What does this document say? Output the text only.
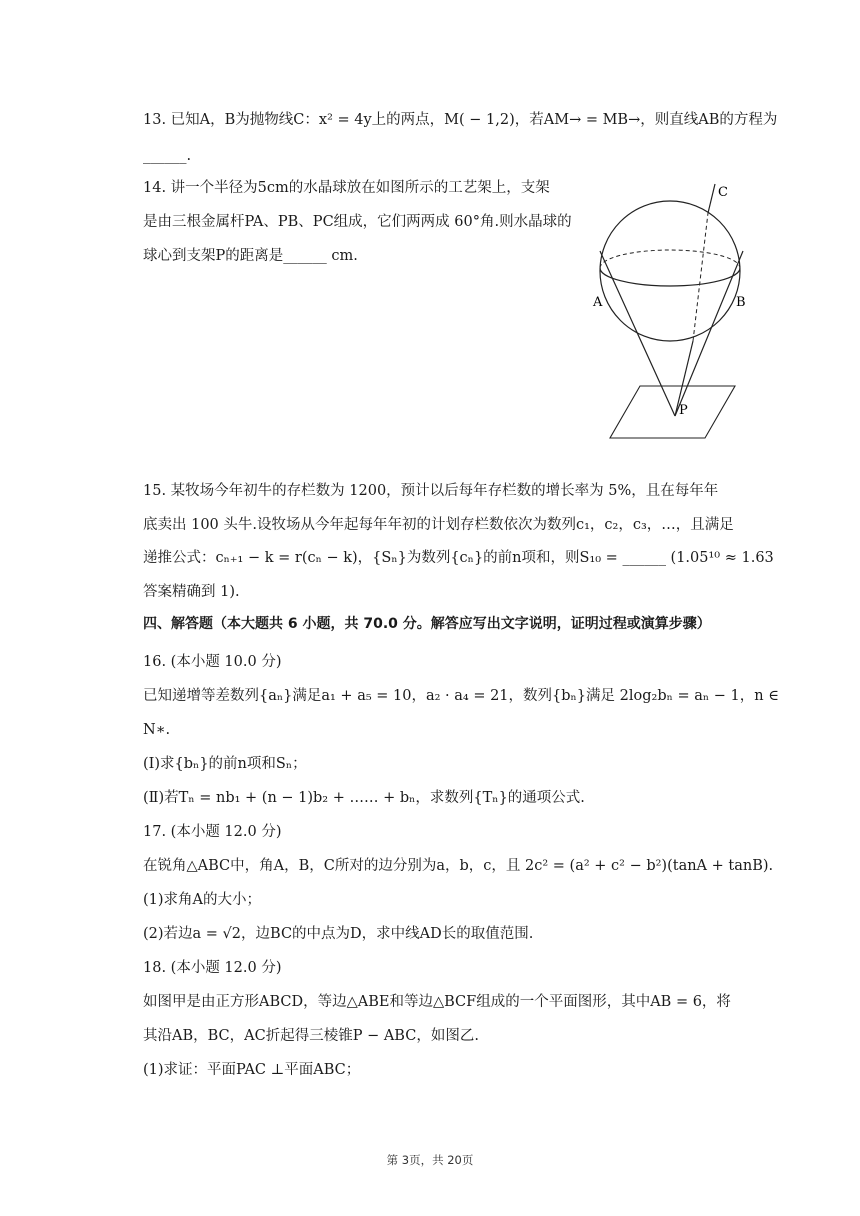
13. 已知A，B为抛物线C：x² = 4y上的两点，M( − 1,2)，若AM→ = MB→，则直线AB的方程为
______.
14. 讲一个半径为5cm的水晶球放在如图所示的工艺架上，支架
是由三根金属杆PA、PB、PC组成，它们两两成 60°角.则水晶球的
球心到支架P的距离是______ cm.
A	B
C
P
15. 某牧场今年初牛的存栏数为 1200，预计以后每年存栏数的增长率为 5%，且在每年年
底卖出 100 头牛.设牧场从今年起每年年初的计划存栏数依次为数列c₁，c₂，c₃，…，且满足
递推公式：cₙ₊₁ − k = r(cₙ − k)，{Sₙ}为数列{cₙ}的前n项和，则S₁₀ = ______ (1.05¹⁰ ≈ 1.63
答案精确到 1).
四、解答题（本大题共 6 小题，共 70.0 分。解答应写出文字说明，证明过程或演算步骤）
16. (本小题 10.0 分)
已知递增等差数列{aₙ}满足a₁ + a₅ = 10，a₂ · a₄ = 21，数列{bₙ}满足 2log₂bₙ = aₙ − 1，n ∈
N∗.
(Ⅰ)求{bₙ}的前n项和Sₙ；
(Ⅱ)若Tₙ = nb₁ + (n − 1)b₂ + …… + bₙ，求数列{Tₙ}的通项公式.
17. (本小题 12.0 分)
在锐角△ABC中，角A，B，C所对的边分别为a，b，c，且 2c² = (a² + c² − b²)(tanA + tanB).
(1)求角A的大小；
(2)若边a = √2，边BC的中点为D，求中线AD长的取值范围.
18. (本小题 12.0 分)
如图甲是由正方形ABCD，等边△ABE和等边△BCF组成的一个平面图形，其中AB = 6，将
其沿AB，BC，AC折起得三棱锥P − ABC，如图乙.
(1)求证：平面PAC ⊥平面ABC；
第 3页，共 20页
